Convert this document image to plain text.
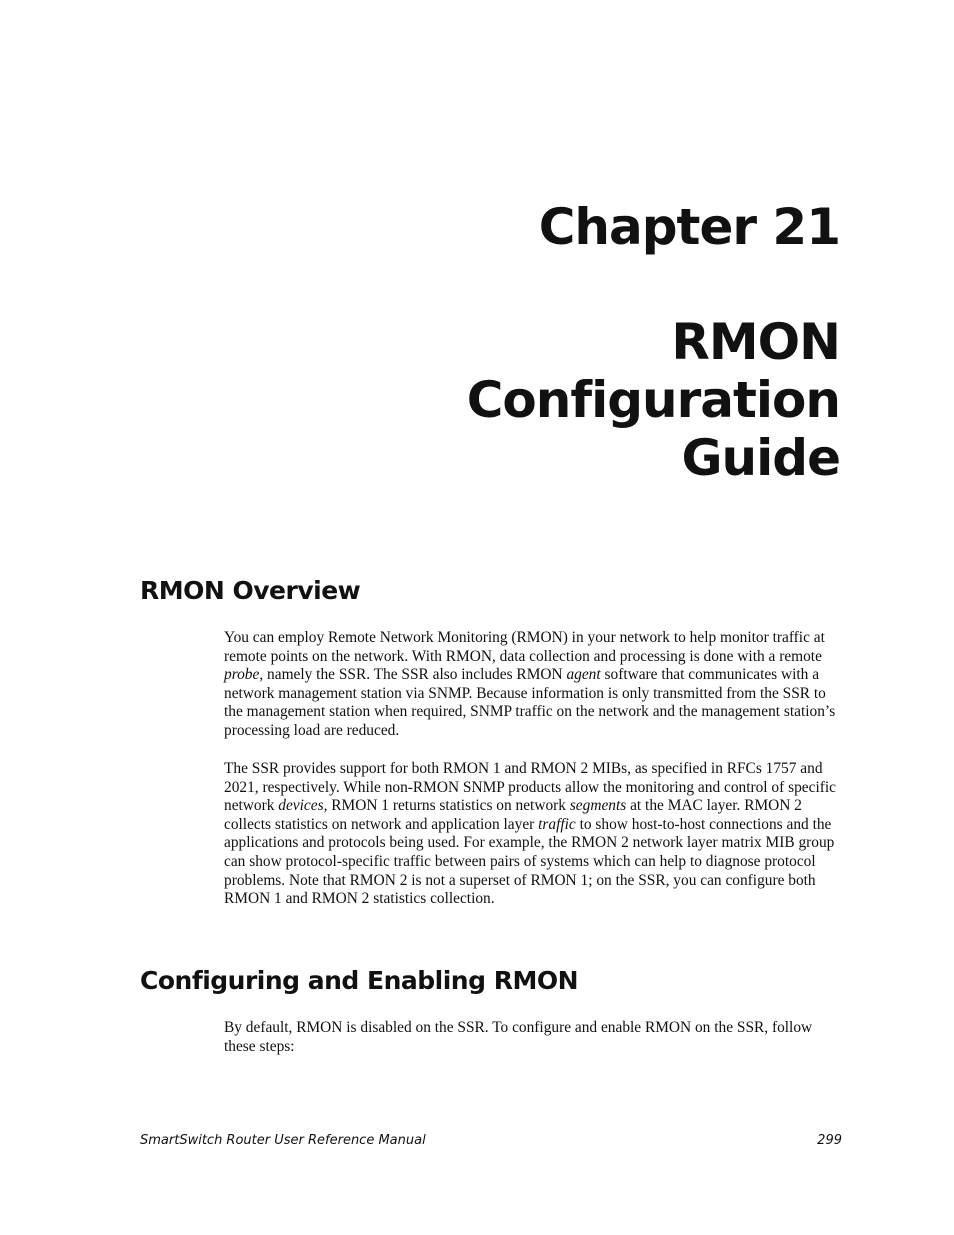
Chapter 21
RMON
Configuration
Guide
RMON Overview

You can employ Remote Network Monitoring (RMON) in your network to help monitor traffic at remote points on the network. With RMON, data collection and processing is done with a remote probe, namely the SSR. The SSR also includes RMON agent software that communicates with a network management station via SNMP. Because information is only transmitted from the SSR to the management station when required, SNMP traffic on the network and the management station’s processing load are reduced.

The SSR provides support for both RMON 1 and RMON 2 MIBs, as specified in RFCs 1757 and 2021, respectively. While non-RMON SNMP products allow the monitoring and control of specific network devices, RMON 1 returns statistics on network segments at the MAC layer. RMON 2 collects statistics on network and application layer traffic to show host-to-host connections and the applications and protocols being used. For example, the RMON 2 network layer matrix MIB group can show protocol-specific traffic between pairs of systems which can help to diagnose protocol problems. Note that RMON 2 is not a superset of RMON 1; on the SSR, you can configure both RMON 1 and RMON 2 statistics collection.

Configuring and Enabling RMON

By default, RMON is disabled on the SSR. To configure and enable RMON on the SSR, follow these steps:

SmartSwitch Router User Reference Manual	299
